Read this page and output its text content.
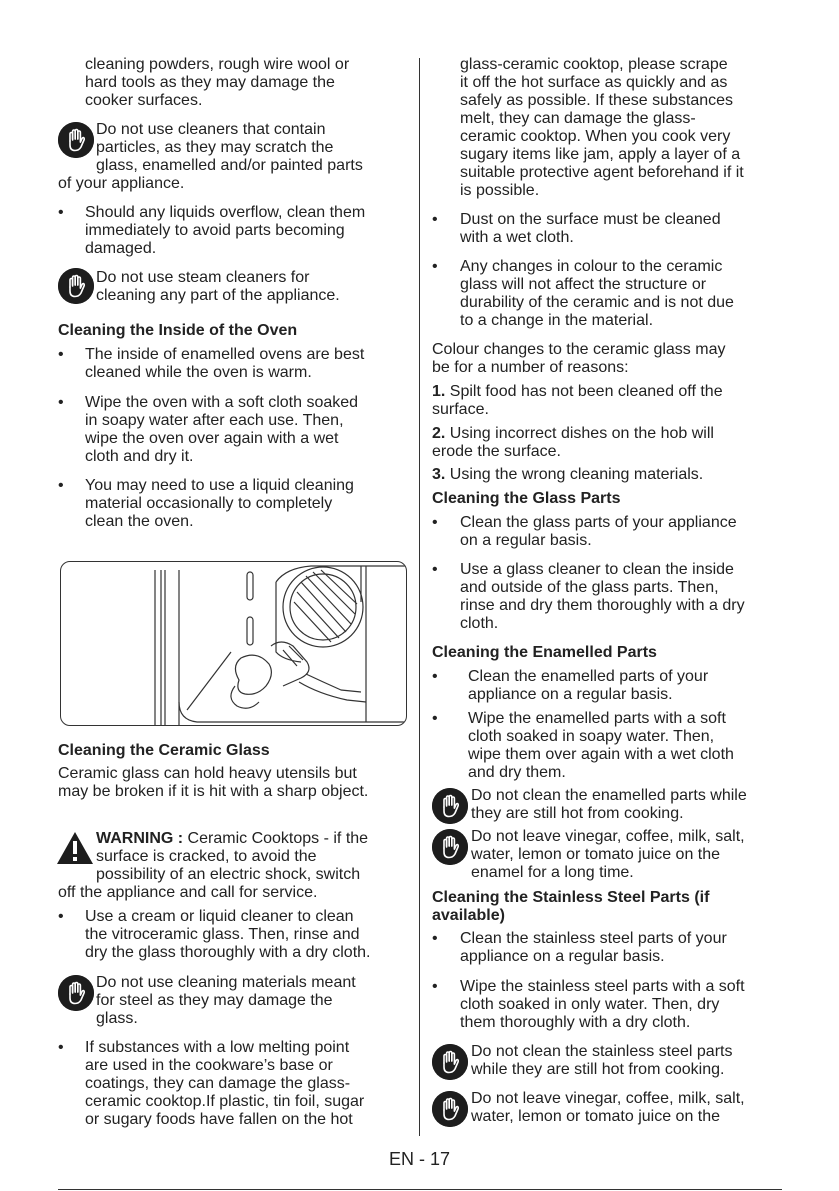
cleaning powders, rough wire wool or
hard tools as they may damage the
cooker surfaces.
Do not use cleaners that contain
particles, as they may scratch the
glass, enamelled and/or painted parts
of your appliance.
• Should any liquids overflow, clean them
immediately to avoid parts becoming
damaged.
Do not use steam cleaners for
cleaning any part of the appliance.
Cleaning the Inside of the Oven
• The inside of enamelled ovens are best
cleaned while the oven is warm.
• Wipe the oven with a soft cloth soaked
in soapy water after each use. Then,
wipe the oven over again with a wet
cloth and dry it.
• You may need to use a liquid cleaning
material occasionally to completely
clean the oven.
Cleaning the Ceramic Glass
Ceramic glass can hold heavy utensils but
may be broken if it is hit with a sharp object.
WARNING : Ceramic Cooktops - if the
surface is cracked, to avoid the
possibility of an electric shock, switch
off the appliance and call for service.
• Use a cream or liquid cleaner to clean
the vitroceramic glass. Then, rinse and
dry the glass thoroughly with a dry cloth.
Do not use cleaning materials meant
for steel as they may damage the
glass.
• If substances with a low melting point
are used in the cookware’s base or
coatings, they can damage the glass-
ceramic cooktop.If plastic, tin foil, sugar
or sugary foods have fallen on the hot
glass-ceramic cooktop, please scrape
it off the hot surface as quickly and as
safely as possible. If these substances
melt, they can damage the glass-
ceramic cooktop. When you cook very
sugary items like jam, apply a layer of a
suitable protective agent beforehand if it
is possible.
• Dust on the surface must be cleaned
with a wet cloth.
• Any changes in colour to the ceramic
glass will not affect the structure or
durability of the ceramic and is not due
to a change in the material.
Colour changes to the ceramic glass may
be for a number of reasons:
1. Spilt food has not been cleaned off the
surface.
2. Using incorrect dishes on the hob will
erode the surface.
3. Using the wrong cleaning materials.
Cleaning the Glass Parts
• Clean the glass parts of your appliance
on a regular basis.
• Use a glass cleaner to clean the inside
and outside of the glass parts. Then,
rinse and dry them thoroughly with a dry
cloth.
Cleaning the Enamelled Parts
• Clean the enamelled parts of your
appliance on a regular basis.
• Wipe the enamelled parts with a soft
cloth soaked in soapy water. Then,
wipe them over again with a wet cloth
and dry them.
Do not clean the enamelled parts while
they are still hot from cooking.
Do not leave vinegar, coffee, milk, salt,
water, lemon or tomato juice on the
enamel for a long time.
Cleaning the Stainless Steel Parts (if
available)
• Clean the stainless steel parts of your
appliance on a regular basis.
• Wipe the stainless steel parts with a soft
cloth soaked in only water. Then, dry
them thoroughly with a dry cloth.
Do not clean the stainless steel parts
while they are still hot from cooking.
Do not leave vinegar, coffee, milk, salt,
water, lemon or tomato juice on the
EN - 17
